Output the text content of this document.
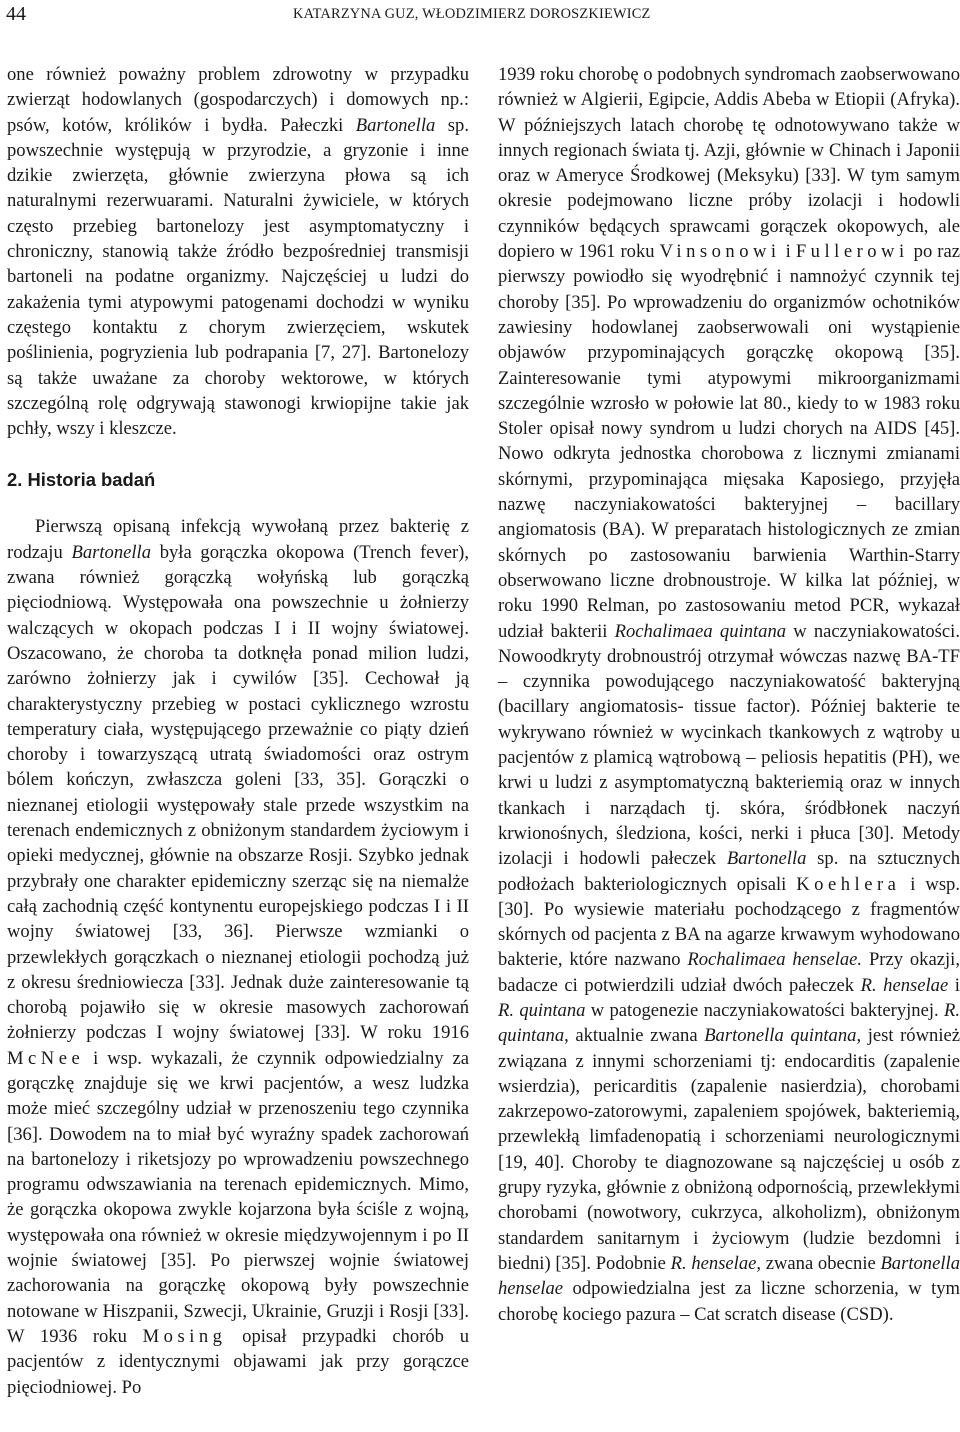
44	KATARZYNA GUZ, WŁODZIMIERZ DOROSZKIEWICZ

one również poważny problem zdrowotny w przypadku zwierząt hodowlanych (gospodarczych) i domowych np.: psów, kotów, królików i bydła. Pałeczki Bartonella sp. powszechnie występują w przyrodzie, a gryzonie i inne dzikie zwierzęta, głównie zwierzyna płowa są ich naturalnymi rezerwuarami. Naturalni żywiciele, w których często przebieg bartonelozy jest asymptomatyczny i chroniczny, stanowią także źródło bezpośredniej transmisji bartoneli na podatne organizmy. Najczęściej u ludzi do zakażenia tymi atypowymi patogenami dochodzi w wyniku częstego kontaktu z chorym zwierzęciem, wskutek poślinienia, pogryzienia lub podrapania [7, 27]. Bartonelozy są także uważane za choroby wektorowe, w których szczególną rolę odgrywają stawonogi krwiopijne takie jak pchły, wszy i kleszcze.

2. Historia badań

Pierwszą opisaną infekcją wywołaną przez bakterię z rodzaju Bartonella była gorączka okopowa (Trench fever), zwana również gorączką wołyńską lub gorączką pięciodniową. Występowała ona powszechnie u żołnierzy walczących w okopach podczas I i II wojny światowej. Oszacowano, że choroba ta dotknęła ponad milion ludzi, zarówno żołnierzy jak i cywilów [35]. Cechował ją charakterystyczny przebieg w postaci cyklicznego wzrostu temperatury ciała, występującego przeważnie co piąty dzień choroby i towarzyszącą utratą świadomości oraz ostrym bólem kończyn, zwłaszcza goleni [33, 35]. Gorączki o nieznanej etiologii występowały stale przede wszystkim na terenach endemicznych z obniżonym standardem życiowym i opieki medycznej, głównie na obszarze Rosji. Szybko jednak przybrały one charakter epidemiczny szerząc się na niemalże całą zachodnią część kontynentu europejskiego podczas I i II wojny światowej [33, 36]. Pierwsze wzmianki o przewlekłych gorączkach o nieznanej etiologii pochodzą już z okresu średniowiecza [33]. Jednak duże zainteresowanie tą chorobą pojawiło się w okresie masowych zachorowań żołnierzy podczas I wojny światowej [33]. W roku 1916 McNee i wsp. wykazali, że czynnik odpowiedzialny za gorączkę znajduje się we krwi pacjentów, a wesz ludzka może mieć szczególny udział w przenoszeniu tego czynnika [36]. Dowodem na to miał być wyraźny spadek zachorowań na bartonelozy i riketsjozy po wprowadzeniu powszechnego programu odwszawiania na terenach epidemicznych. Mimo, że gorączka okopowa zwykle kojarzona była ściśle z wojną, występowała ona również w okresie międzywojennym i po II wojnie światowej [35]. Po pierwszej wojnie światowej zachorowania na gorączkę okopową były powszechnie notowane w Hiszpanii, Szwecji, Ukrainie, Gruzji i Rosji [33]. W 1936 roku Mosing opisał przypadki chorób u pacjentów z identycznymi objawami jak przy gorączce pięciodniowej. Po

1939 roku chorobę o podobnych syndromach zaobserwowano również w Algierii, Egipcie, Addis Abeba w Etiopii (Afryka). W późniejszych latach chorobę tę odnotowywano także w innych regionach świata tj. Azji, głównie w Chinach i Japonii oraz w Ameryce Środkowej (Meksyku) [33]. W tym samym okresie podejmowano liczne próby izolacji i hodowli czynników będących sprawcami gorączek okopowych, ale dopiero w 1961 roku Vinsonowi i Fullerowi po raz pierwszy powiodło się wyodrębnić i namnożyć czynnik tej choroby [35]. Po wprowadzeniu do organizmów ochotników zawiesiny hodowlanej zaobserwowali oni wystąpienie objawów przypominających gorączkę okopową [35]. Zainteresowanie tymi atypowymi mikroorganizmami szczególnie wzrosło w połowie lat 80., kiedy to w 1983 roku Stoler opisał nowy syndrom u ludzi chorych na AIDS [45]. Nowo odkryta jednostka chorobowa z licznymi zmianami skórnymi, przypominająca mięsaka Kaposiego, przyjęła nazwę naczyniakowatości bakteryjnej – bacillary angiomatosis (BA). W preparatach histologicznych ze zmian skórnych po zastosowaniu barwienia Warthin-Starry obserwowano liczne drobnoustroje. W kilka lat później, w roku 1990 Relman, po zastosowaniu metod PCR, wykazał udział bakterii Rochalimaea quintana w naczyniakowatości. Nowoodkryty drobnoustrój otrzymał wówczas nazwę BA-TF – czynnika powodującego naczyniakowatość bakteryjną (bacillary angiomatosis- tissue factor). Później bakterie te wykrywano również w wycinkach tkankowych z wątroby u pacjentów z plamicą wątrobową – peliosis hepatitis (PH), we krwi u ludzi z asymptomatyczną bakteriemią oraz w innych tkankach i narządach tj. skóra, śródbłonek naczyń krwionośnych, śledziona, kości, nerki i płuca [30]. Metody izolacji i hodowli pałeczek Bartonella sp. na sztucznych podłożach bakteriologicznych opisali Koehlera i wsp. [30]. Po wysiewie materiału pochodzącego z fragmentów skórnych od pacjenta z BA na agarze krwawym wyhodowano bakterie, które nazwano Rochalimaea henselae. Przy okazji, badacze ci potwierdzili udział dwóch pałeczek R. henselae i R. quintana w patogenezie naczyniakowatości bakteryjnej. R. quintana, aktualnie zwana Bartonella quintana, jest również związana z innymi schorzeniami tj: endocarditis (zapalenie wsierdzia), pericarditis (zapalenie nasierdzia), chorobami zakrzepowo-zatorowymi, zapaleniem spojówek, bakteriemią, przewlekłą limfadenopatią i schorzeniami neurologicznymi [19, 40]. Choroby te diagnozowane są najczęściej u osób z grupy ryzyka, głównie z obniżoną odpornością, przewlekłymi chorobami (nowotwory, cukrzyca, alkoholizm), obniżonym standardem sanitarnym i życiowym (ludzie bezdomni i biedni) [35]. Podobnie R. henselae, zwana obecnie Bartonella henselae odpowiedzialna jest za liczne schorzenia, w tym chorobę kociego pazura – Cat scratch disease (CSD).
